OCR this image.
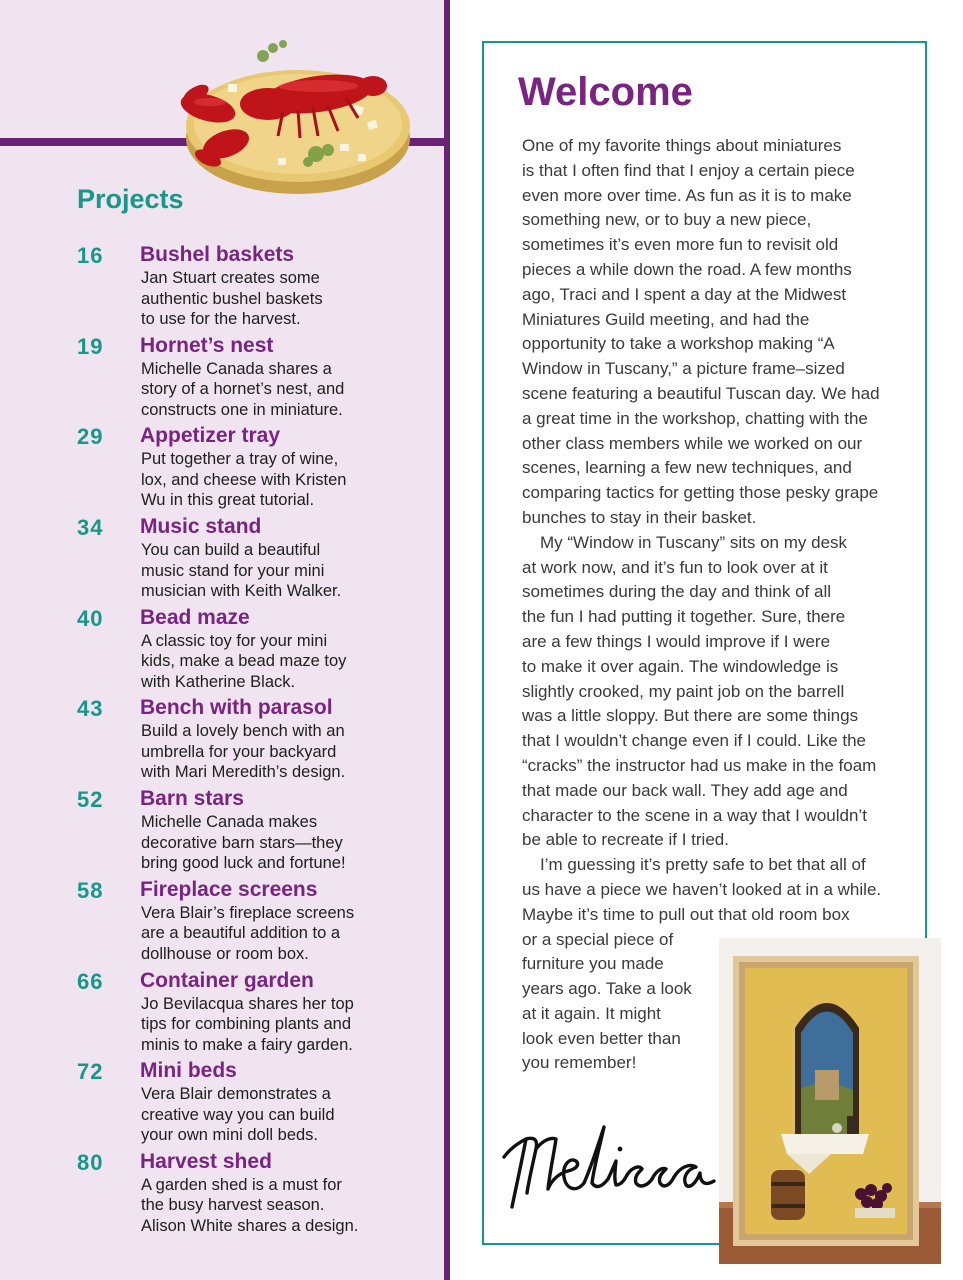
Projects
16 Bushel baskets
Jan Stuart creates some
authentic bushel baskets
to use for the harvest.
19 Hornet’s nest
Michelle Canada shares a
story of a hornet’s nest, and
constructs one in miniature.
29 Appetizer tray
Put together a tray of wine,
lox, and cheese with Kristen
Wu in this great tutorial.
34 Music stand
You can build a beautiful
music stand for your mini
musician with Keith Walker.
40 Bead maze
A classic toy for your mini
kids, make a bead maze toy
with Katherine Black.
43 Bench with parasol
Build a lovely bench with an
umbrella for your backyard
with Mari Meredith’s design.
52 Barn stars
Michelle Canada makes
decorative barn stars—they
bring good luck and fortune!
58 Fireplace screens
Vera Blair’s fireplace screens
are a beautiful addition to a
dollhouse or room box.
66 Container garden
Jo Bevilacqua shares her top
tips for combining plants and
minis to make a fairy garden.
72 Mini beds
Vera Blair demonstrates a
creative way you can build
your own mini doll beds.
80 Harvest shed
A garden shed is a must for
the busy harvest season.
Alison White shares a design.
Welcome
One of my favorite things about miniatures
is that I often find that I enjoy a certain piece
even more over time. As fun as it is to make
something new, or to buy a new piece,
sometimes it’s even more fun to revisit old
pieces a while down the road. A few months
ago, Traci and I spent a day at the Midwest
Miniatures Guild meeting, and had the
opportunity to take a workshop making “A
Window in Tuscany,” a picture frame–sized
scene featuring a beautiful Tuscan day. We had
a great time in the workshop, chatting with the
other class members while we worked on our
scenes, learning a few new techniques, and
comparing tactics for getting those pesky grape
bunches to stay in their basket.
My “Window in Tuscany” sits on my desk
at work now, and it’s fun to look over at it
sometimes during the day and think of all
the fun I had putting it together. Sure, there
are a few things I would improve if I were
to make it over again. The windowledge is
slightly crooked, my paint job on the barrell
was a little sloppy. But there are some things
that I wouldn’t change even if I could. Like the
“cracks” the instructor had us make in the foam
that made our back wall. They add age and
character to the scene in a way that I wouldn’t
be able to recreate if I tried.
I’m guessing it’s pretty safe to bet that all of
us have a piece we haven’t looked at in a while.
Maybe it’s time to pull out that old room box
or a special piece of
furniture you made
years ago. Take a look
at it again. It might
look even better than
you remember!
